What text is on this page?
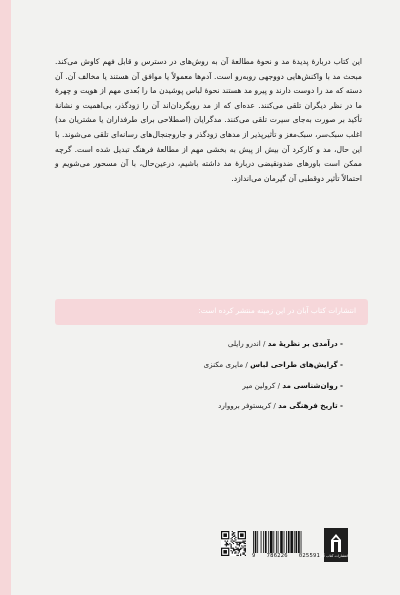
این کتاب دربارهٔ پدیدهٔ مد و نحوهٔ مطالعهٔ آن به روش‌های در دسترس و قابل فهم کاوش می‌کند. مبحث مد با واکنش‌هایی دووجهی روبه‌رو است. آدم‌ها معمولاً یا موافق آن هستند یا مخالف آن. آن دسته که مد را دوست دارند و پیرو مد هستند نحوهٔ لباس پوشیدن ما را بُعدی مهم از هویت و چهرهٔ ما در نظر دیگران تلقی می‌کنند. عده‌ای که از مد رویگردان‌اند آن را زودگذر، بی‌اهمیت و نشانهٔ تأکید بر صورت به‌جای سیرت تلقی می‌کنند. مدگرایان (اصطلاحی برای طرفداران یا مشتریان مد) اغلب سبک‌سر، سبک‌مغز و تأثیرپذیر از مدهای زودگذر و جاروجنجال‌های رسانه‌ای تلقی می‌شوند. با این حال، مد و کارکرد آن بیش از پیش به بخشی مهم از مطالعهٔ فرهنگ تبدیل شده است. گرچه ممکن است باورهای ضدونقیضی دربارهٔ مد داشته باشیم، درعین‌حال، با آن مسحور می‌شویم و احتمالاً تأثیر دوقطبی آن گیرمان می‌اندازد.

انتشارات کتاب آبان در این زمینه منتشر کرده است:
- درآمدی بر نظریهٔ مد / اندرو رایلی
- گرایش‌های طراحی لباس / مایری مکنزی
- روان‌شناسی مد / کرولین میر
- تاریخ فرهنگی مد / کریستوفر برووارد
9 786226 025591 انتشارات کتاب آبان
